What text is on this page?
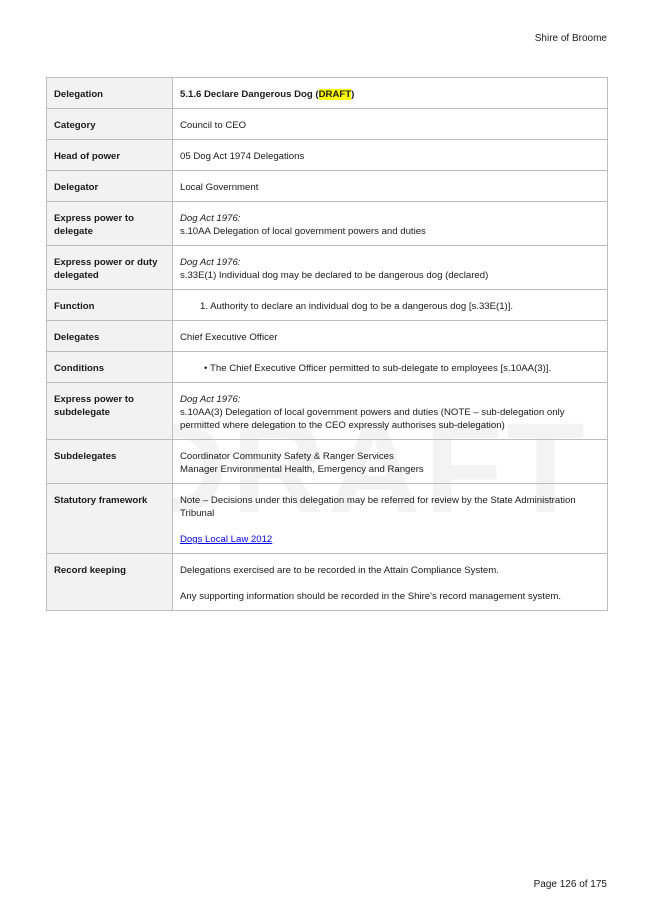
Shire of Broome
Delegation	5.1.6 Declare Dangerous Dog (DRAFT)
Category	Council to CEO
Head of power	05 Dog Act 1974 Delegations
Delegator	Local Government
Express power to delegate	Dog Act 1976:
s.10AA Delegation of local government powers and duties

Express power or duty delegated	Dog Act 1976:
s.33E(1) Individual dog may be declared to be dangerous dog (declared)

Function	1. Authority to declare an individual dog to be a dangerous dog [s.33E(1)].

Delegates	Chief Executive Officer
Conditions	• The Chief Executive Officer permitted to sub-delegate to employees [s.10AA(3)].

Express power to subdelegate	Dog Act 1976:
s.10AA(3) Delegation of local government powers and duties (NOTE – sub-delegation only permitted where delegation to the CEO expressly authorises sub-delegation)

Subdelegates	Coordinator Community Safety & Ranger Services
Manager Environmental Health, Emergency and Rangers

Statutory framework	Note – Decisions under this delegation may be referred for review by the State Administration Tribunal
Dogs Local Law 2012
Record keeping	Delegations exercised are to be recorded in the Attain Compliance System.
Any supporting information should be recorded in the Shire's record management system.
Page 126 of 175
